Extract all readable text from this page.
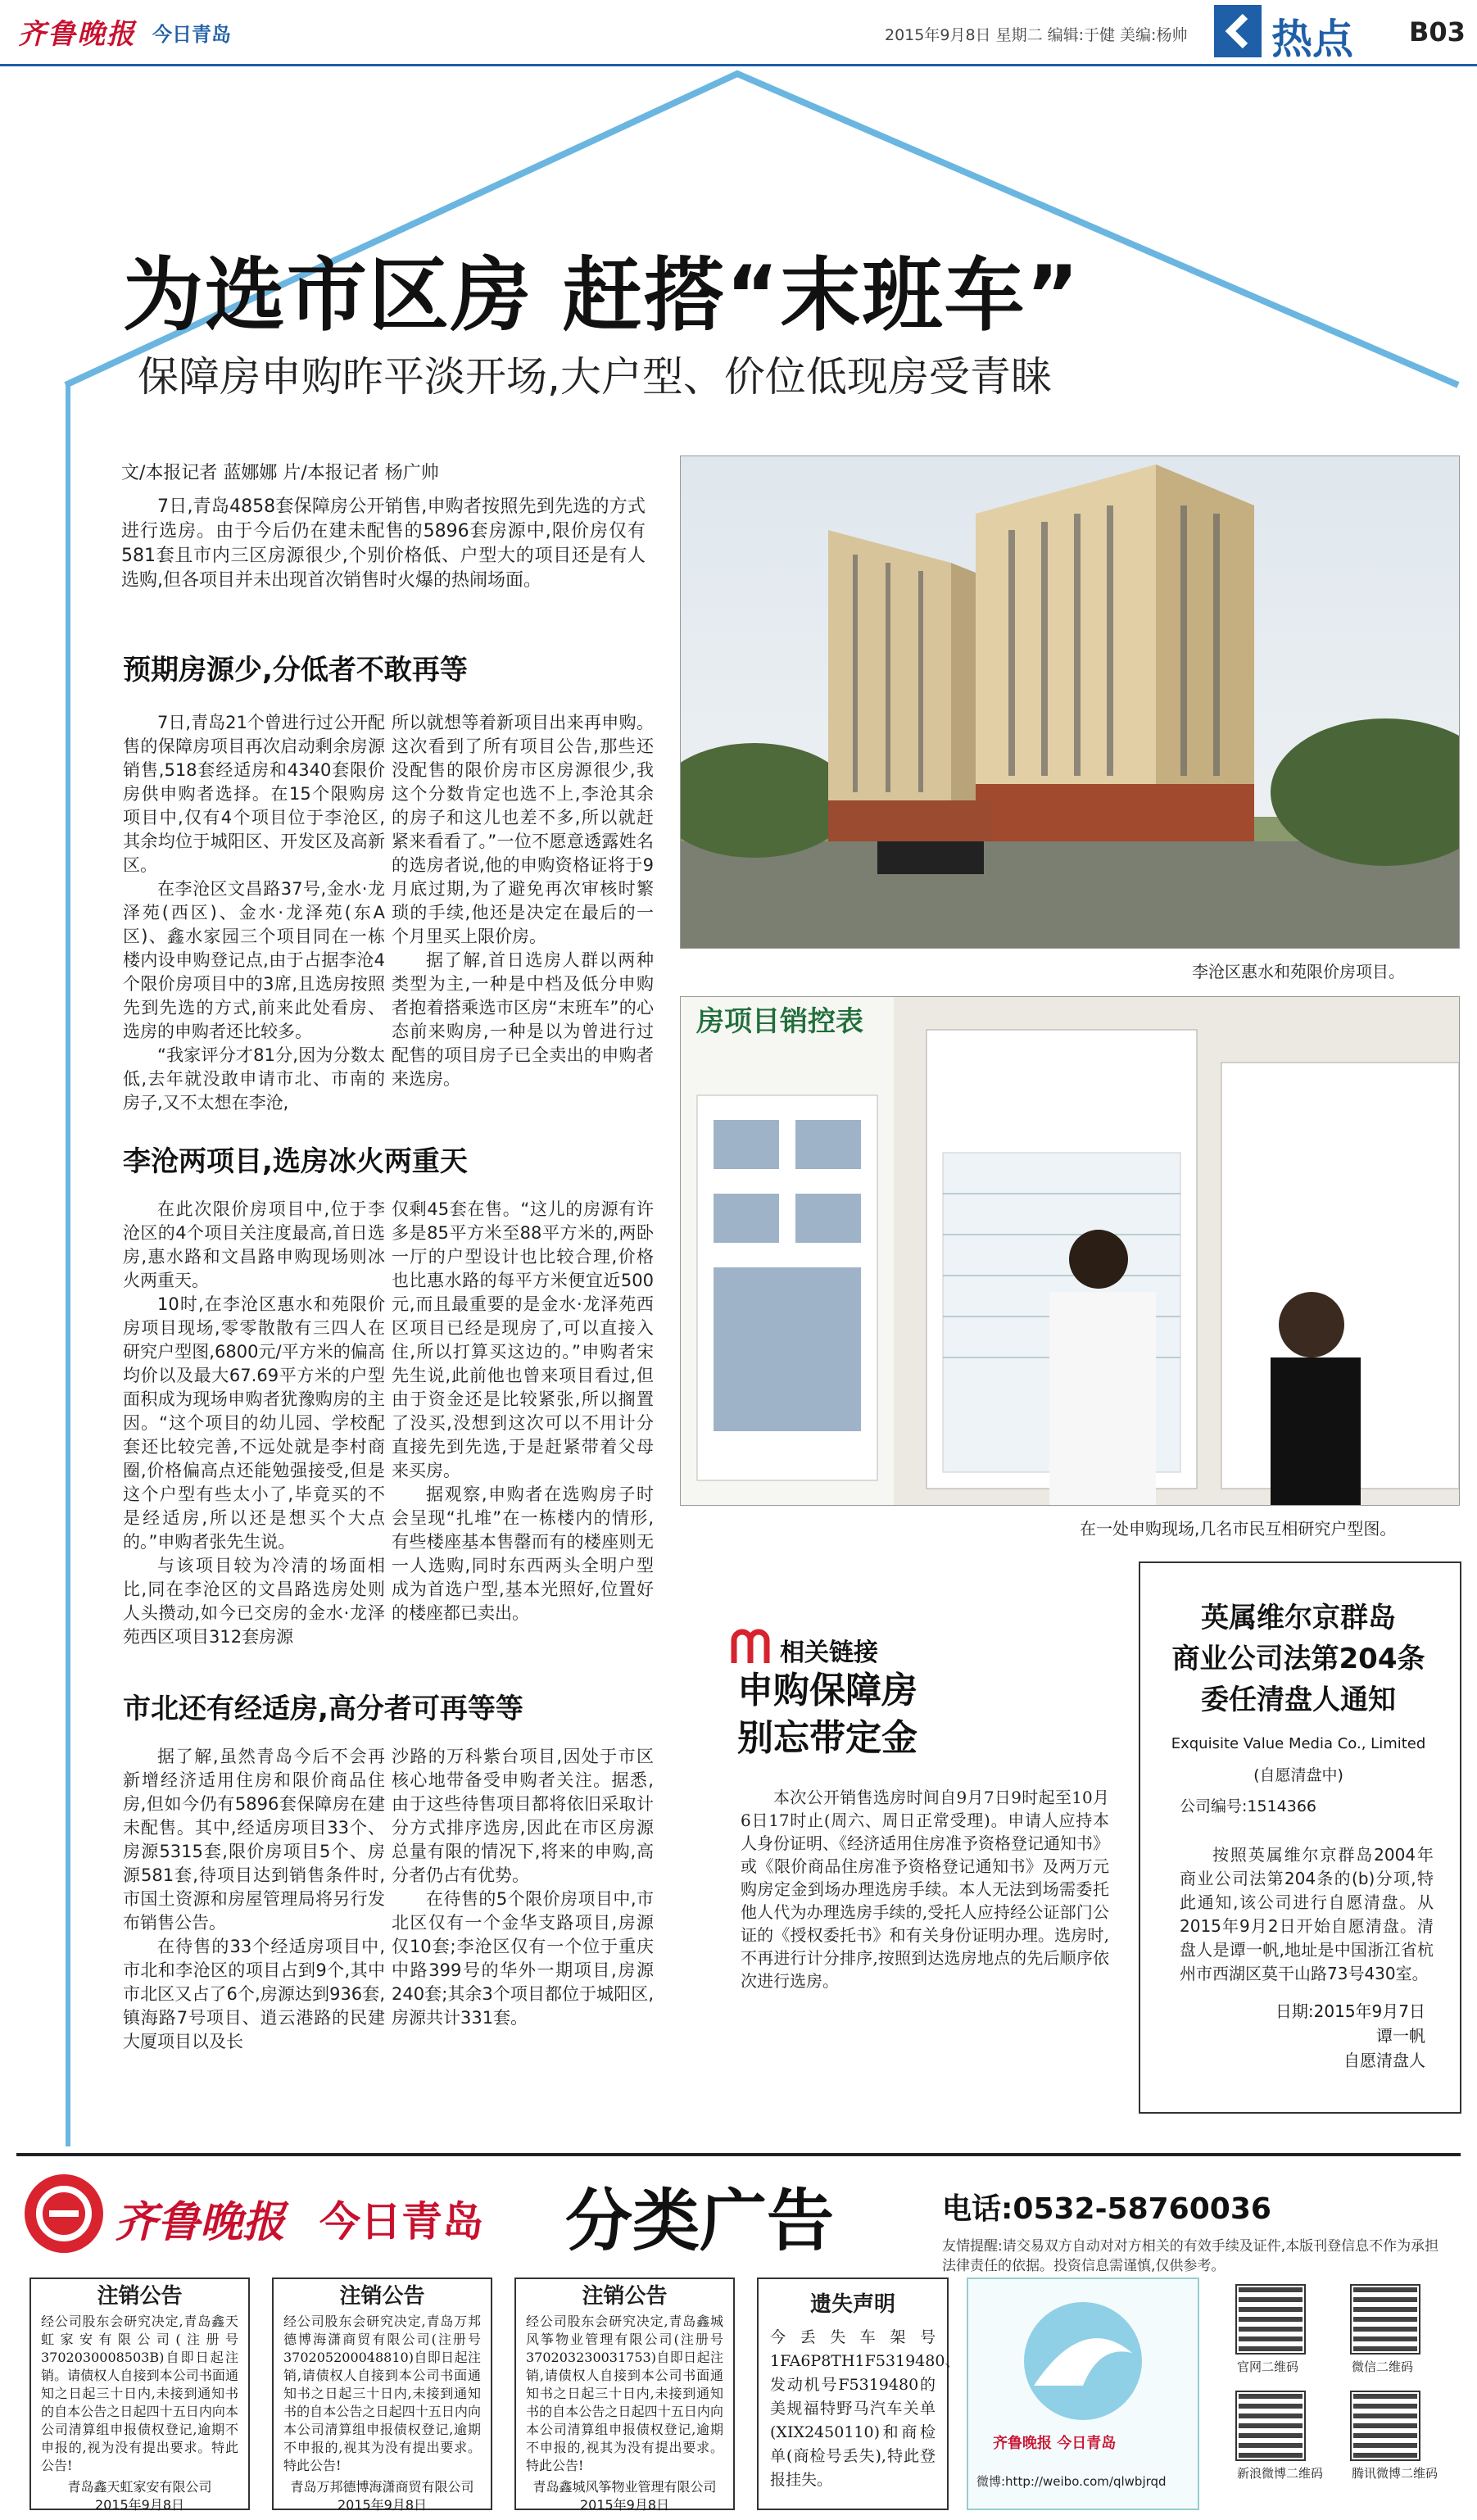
齐鲁晚报 今日青岛	2015年9月8日 星期二 编辑:于健 美编:杨帅 热点 B03
为选市区房 赶搭“末班车”
保障房申购昨平淡开场,大户型、价位低现房受青睐
文/本报记者 蓝娜娜 片/本报记者 杨广帅

7日,青岛4858套保障房公开销售,申购者按照先到先选的方式进行选房。由于今后仍在建未配售的5896套房源中,限价房仅有581套且市内三区房源很少,个别价格低、户型大的项目还是有人选购,但各项目并未出现首次销售时火爆的热闹场面。

预期房源少,分低者不敢再等

7日,青岛21个曾进行过公开配售的保障房项目再次启动剩余房源销售,518套经适房和4340套限价房供申购者选择。在15个限购房项目中,仅有4个项目位于李沧区,其余均位于城阳区、开发区及高新区。

在李沧区文昌路37号,金水·龙泽苑(西区)、金水·龙泽苑(东A区)、鑫水家园三个项目同在一栋楼内设申购登记点,由于占据李沧4个限价房项目中的3席,且选房按照先到先选的方式,前来此处看房、选房的申购者还比较多。

“我家评分才81分,因为分数太低,去年就没敢申请市北、市南的房子,又不太想在李沧,

所以就想等着新项目出来再申购。这次看到了所有项目公告,那些还没配售的限价房市区房源很少,我这个分数肯定也选不上,李沧其余的房子和这儿也差不多,所以就赶紧来看看了。”一位不愿意透露姓名的选房者说,他的申购资格证将于9月底过期,为了避免再次审核时繁琐的手续,他还是决定在最后的一个月里买上限价房。

据了解,首日选房人群以两种类型为主,一种是中档及低分申购者抱着搭乘选市区房“末班车”的心态前来购房,一种是以为曾进行过配售的项目房子已全卖出的申购者来选房。

李沧两项目,选房冰火两重天

在此次限价房项目中,位于李沧区的4个项目关注度最高,首日选房,惠水路和文昌路申购现场则冰火两重天。

10时,在李沧区惠水和苑限价房项目现场,零零散散有三四人在研究户型图,6800元/平方米的偏高均价以及最大67.69平方米的户型面积成为现场申购者犹豫购房的主因。“这个项目的幼儿园、学校配套还比较完善,不远处就是李村商圈,价格偏高点还能勉强接受,但是这个户型有些太小了,毕竟买的不是经适房,所以还是想买个大点的。”申购者张先生说。

与该项目较为冷清的场面相比,同在李沧区的文昌路选房处则人头攒动,如今已交房的金水·龙泽苑西区项目312套房源

仅剩45套在售。“这儿的房源有许多是85平方米至88平方米的,两卧一厅的户型设计也比较合理,价格也比惠水路的每平方米便宜近500元,而且最重要的是金水·龙泽苑西区项目已经是现房了,可以直接入住,所以打算买这边的。”申购者宋先生说,此前他也曾来项目看过,但由于资金还是比较紧张,所以搁置了没买,没想到这次可以不用计分直接先到先选,于是赶紧带着父母来买房。

据观察,申购者在选购房子时会呈现“扎堆”在一栋楼内的情形,有些楼座基本售罄而有的楼座则无一人选购,同时东西两头全明户型成为首选户型,基本光照好,位置好的楼座都已卖出。

市北还有经适房,高分者可再等等

据了解,虽然青岛今后不会再新增经济适用住房和限价商品住房,但如今仍有5896套保障房在建未配售。其中,经适房项目33个、房源5315套,限价房项目5个、房源581套,待项目达到销售条件时,市国土资源和房屋管理局将另行发布销售公告。

在待售的33个经适房项目中,市北和李沧区的项目占到9个,其中市北区又占了6个,房源达到936套,镇海路7号项目、逍云港路的民建大厦项目以及长

沙路的万科紫台项目,因处于市区核心地带备受申购者关注。据悉,由于这些待售项目都将依旧采取计分方式排序选房,因此在市区房源总量有限的情况下,将来的申购,高分者仍占有优势。

在待售的5个限价房项目中,市北区仅有一个金华支路项目,房源仅10套;李沧区仅有一个位于重庆中路399号的华外一期项目,房源240套;其余3个项目都位于城阳区,房源共计331套。

李沧区惠水和苑限价房项目。
房项目销控表
在一处申购现场,几名市民互相研究户型图。
相关链接
申购保障房
别忘带定金

本次公开销售选房时间自9月7日9时起至10月6日17时止(周六、周日正常受理)。申请人应持本人身份证明、《经济适用住房准予资格登记通知书》或《限价商品住房准予资格登记通知书》及两万元购房定金到场办理选房手续。本人无法到场需委托他人代为办理选房手续的,受托人应持经公证部门公证的《授权委托书》和有关身份证明办理。选房时,不再进行计分排序,按照到达选房地点的先后顺序依次进行选房。

英属维尔京群岛
商业公司法第204条
委任清盘人通知
Exquisite Value Media Co., Limited
(自愿清盘中)
公司编号:1514366

按照英属维尔京群岛2004年商业公司法第204条的(b)分项,特此通知,该公司进行自愿清盘。从2015年9月2日开始自愿清盘。清盘人是谭一帆,地址是中国浙江省杭州市西湖区莫干山路73号430室。

日期:2015年9月7日
谭一帆
自愿清盘人
齐鲁晚报 今日青岛 分类广告	电话:0532-58760036
友情提醒:请交易双方自动对对方相关的有效手续及证件,本版刊登信息不作为承担法律责任的依据。投资信息需谨慎,仅供参考。
注销公告
经公司股东会研究决定,青岛鑫天虹家安有限公司(注册号3702030008503B)自即日起注销。请债权人自接到本公司书面通知之日起三十日内,未接到通知书的自本公告之日起四十五日内向本公司清算组申报债权登记,逾期不申报的,视为没有提出要求。特此公告!
青岛鑫天虹家安有限公司
2015年9月8日
注销公告
经公司股东会研究决定,青岛万邦德博海潇商贸有限公司(注册号370205200048810)自即日起注销,请债权人自接到本公司书面通知书之日起三十日内,未接到通知书的自本公告之日起四十五日内向本公司清算组申报债权登记,逾期不申报的,视其为没有提出要求。特此公告!
青岛万邦德博海潇商贸有限公司
2015年9月8日
注销公告
经公司股东会研究决定,青岛鑫城风筝物业管理有限公司(注册号370203230031753)自即日起注销,请债权人自接到本公司书面通知书之日起三十日内,未接到通知书的自本公告之日起四十五日内向本公司清算组申报债权登记,逾期不申报的,视其为没有提出要求。特此公告!
青岛鑫城风筝物业管理有限公司
2015年9月8日
遗失声明
今丢失车架号1FA6P8TH1F5319480、发动机号F5319480的美规福特野马汽车关单(XIX2450110)和商检单(商检号丢失),特此登报挂失。
齐鲁晚报 今日青岛
微博:http://weibo.com/qlwbjrqd
官网二维码	微信二维码
新浪微博二维码 腾讯微博二维码
